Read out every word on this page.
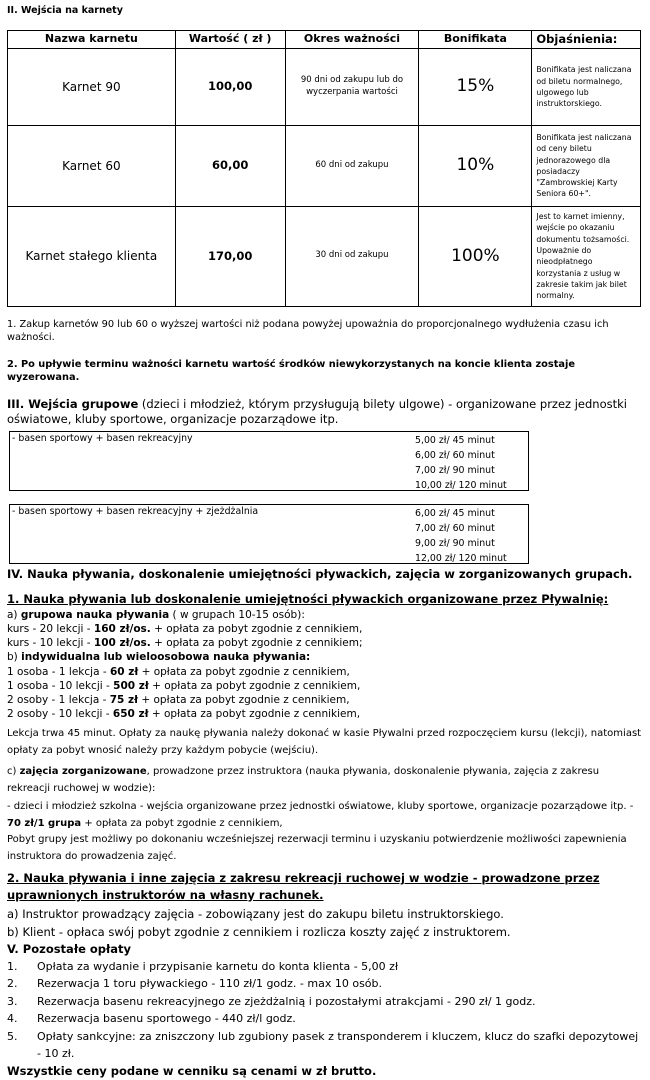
II. Wejścia na karnety
Nazwa karnetu	Wartość ( zł )	Okres ważności	Bonifikata	Objaśnienia:
Karnet 90	100,00	90 dni od zakupu lub do wyczerpania wartości	15%	Bonifikata jest naliczana od biletu normalnego, ulgowego lub instruktorskiego.
Karnet 60	60,00	60 dni od zakupu	10%	Bonifikata jest naliczana od ceny biletu jednorazowego dla posiadaczy "Zambrowskiej Karty Seniora 60+".
Karnet stałego klienta	170,00	30 dni od zakupu	100%	Jest to karnet imienny, wejście po okazaniu dokumentu tożsamości. Upoważnie do nieodpłatnego korzystania z usług w zakresie takim jak bilet normalny.

1. Zakup karnetów 90 lub 60 o wyższej wartości niż podana powyżej upoważnia do proporcjonalnego wydłużenia czasu ich ważności.

2. Po upływie terminu ważności karnetu wartość środków niewykorzystanych na koncie klienta zostaje wyzerowana.

III. Wejścia grupowe (dzieci i młodzież, którym przysługują bilety ulgowe) - organizowane przez jednostki oświatowe, kluby sportowe, organizacje pozarządowe itp.

- basen sportowy + basen rekreacyjny	5,00 zł/ 45 minut
6,00 zł/ 60 minut
7,00 zł/ 90 minut
10,00 zł/ 120 minut
- basen sportowy + basen rekreacyjny + zjeżdżalnia	6,00 zł/ 45 minut
7,00 zł/ 60 minut
9,00 zł/ 90 minut
12,00 zł/ 120 minut

IV. Nauka pływania, doskonalenie umiejętności pływackich, zajęcia w zorganizowanych grupach.

1. Nauka pływania lub doskonalenie umiejętności pływackich organizowane przez Pływalnię:

a) grupowa nauka pływania ( w grupach 10-15 osób):
kurs - 20 lekcji - 160 zł/os. + opłata za pobyt zgodnie z cennikiem,
kurs - 10 lekcji - 100 zł/os. + opłata za pobyt zgodnie z cennikiem;
b) indywidualna lub wieloosobowa nauka pływania:
1 osoba - 1 lekcja - 60 zł + opłata za pobyt zgodnie z cennikiem,
1 osoba - 10 lekcji - 500 zł + opłata za pobyt zgodnie z cennikiem,
2 osoby - 1 lekcja - 75 zł + opłata za pobyt zgodnie z cennikiem,
2 osoby - 10 lekcji - 650 zł + opłata za pobyt zgodnie z cennikiem,

Lekcja trwa 45 minut. Opłaty za naukę pływania należy dokonać w kasie Pływalni przed rozpoczęciem kursu (lekcji), natomiast opłaty za pobyt wnosić należy przy każdym pobycie (wejściu).

c) zajęcia zorganizowane, prowadzone przez instruktora (nauka pływania, doskonalenie pływania, zajęcia z zakresu rekreacji ruchowej w wodzie):

- dzieci i młodzież szkolna - wejścia organizowane przez jednostki oświatowe, kluby sportowe, organizacje pozarządowe itp. - 70 zł/1 grupa + opłata za pobyt zgodnie z cennikiem,
Pobyt grupy jest możliwy po dokonaniu wcześniejszej rezerwacji terminu i uzyskaniu potwierdzenie możliwości zapewnienia instruktora do prowadzenia zajęć.

2. Nauka pływania i inne zajęcia z zakresu rekreacji ruchowej w wodzie - prowadzone przez uprawnionych instruktorów na własny rachunek.

a) Instruktor prowadzący zajęcia - zobowiązany jest do zakupu biletu instruktorskiego.
b) Klient - opłaca swój pobyt zgodnie z cennikiem i rozlicza koszty zajęć z instruktorem.

V. Pozostałe opłaty

1.	Opłata za wydanie i przypisanie karnetu do konta klienta - 5,00 zł
2.	Rezerwacja 1 toru pływackiego - 110 zł/1 godz. - max 10 osób.
3.	Rezerwacja basenu rekreacyjnego ze zjeżdżalnią i pozostałymi atrakcjami - 290 zł/ 1 godz.
4.	Rezerwacja basenu sportowego - 440 zł/l godz.
5.	Opłaty sankcyjne: za zniszczony lub zgubiony pasek z transponderem i kluczem, klucz do szafki depozytowej - 10 zł.

Wszystkie ceny podane w cenniku są cenami w zł brutto.
